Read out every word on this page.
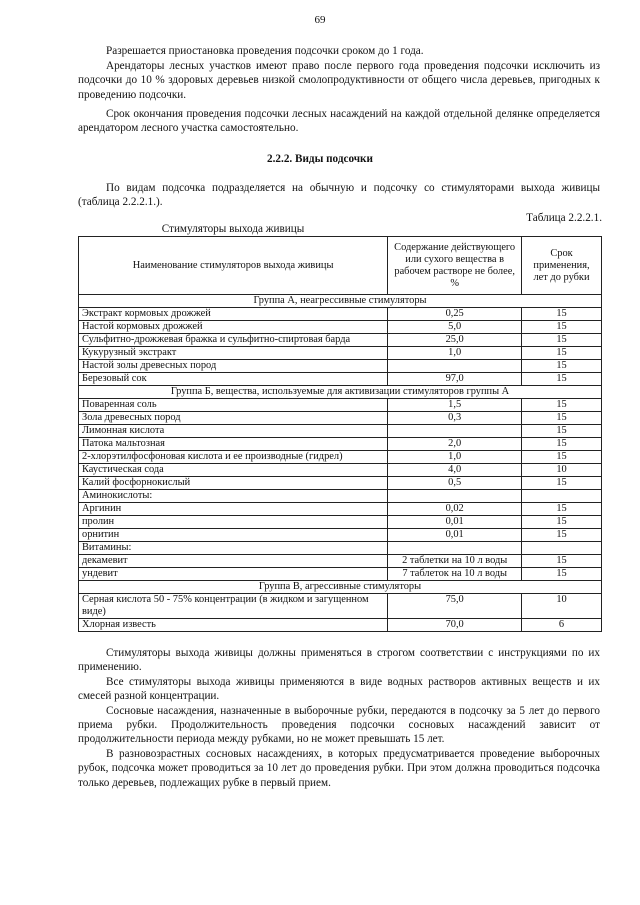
69

Разрешается приостановка проведения подсочки сроком до 1 года.

Арендаторы лесных участков имеют право после первого года проведения подсочки исключить из подсочки до 10 % здоровых деревьев низкой смолопродуктивности от общего числа деревьев, пригодных к проведению подсочки.

Срок окончания проведения подсочки лесных насаждений на каждой отдельной делянке определяется арендатором лесного участка самостоятельно.

2.2.2. Виды подсочки

По видам подсочка подразделяется на обычную и подсочку со стимуляторами выхода живицы (таблица 2.2.2.1.).

Таблица 2.2.2.1.
Стимуляторы выхода живицы
Наименование стимуляторов выхода живицы	Содержание действующего или сухого вещества в рабочем растворе не более, %	Срок применения, лет до рубки
Группа А, неагрессивные стимуляторы		
Экстракт кормовых дрожжей	0,25	15
Настой кормовых дрожжей	5,0	15
Сульфитно-дрожжевая бражка и сульфитно-спиртовая барда	25,0	15
Кукурузный экстракт	1,0	15
Настой золы древесных пород		15
Березовый сок	97,0	15
Группа Б, вещества, используемые для активизации стимуляторов группы А		
Поваренная соль	1,5	15
Зола древесных пород	0,3	15
Лимонная кислота		15
Патока мальтозная	2,0	15
2-хлорэтилфосфоновая кислота и ее производные (гидрел)	1,0	15
Каустическая сода	4,0	10
Калий фосфорнокислый	0,5	15
Аминокислоты:		
Аргинин	0,02	15
пролин	0,01	15
орнитин	0,01	15
Витамины:		
декамевит	2 таблетки на 10 л воды	15
ундевит	7 таблеток на 10 л воды	15
Группа В, агрессивные стимуляторы		
Серная кислота 50 - 75% концентрации (в жидком и загущенном виде)	75,0	10
Хлорная известь	70,0	6

Стимуляторы выхода живицы должны применяться в строгом соответствии с инструкциями по их применению.

Все стимуляторы выхода живицы применяются в виде водных растворов активных веществ и их смесей разной концентрации.

Сосновые насаждения, назначенные в выборочные рубки, передаются в подсочку за 5 лет до первого приема рубки. Продолжительность проведения подсочки сосновых насаждений зависит от продолжительности периода между рубками, но не может превышать 15 лет.

В разновозрастных сосновых насаждениях, в которых предусматривается проведение выборочных рубок, подсочка может проводиться за 10 лет до проведения рубки. При этом должна проводиться подсочка только деревьев, подлежащих рубке в первый прием.
